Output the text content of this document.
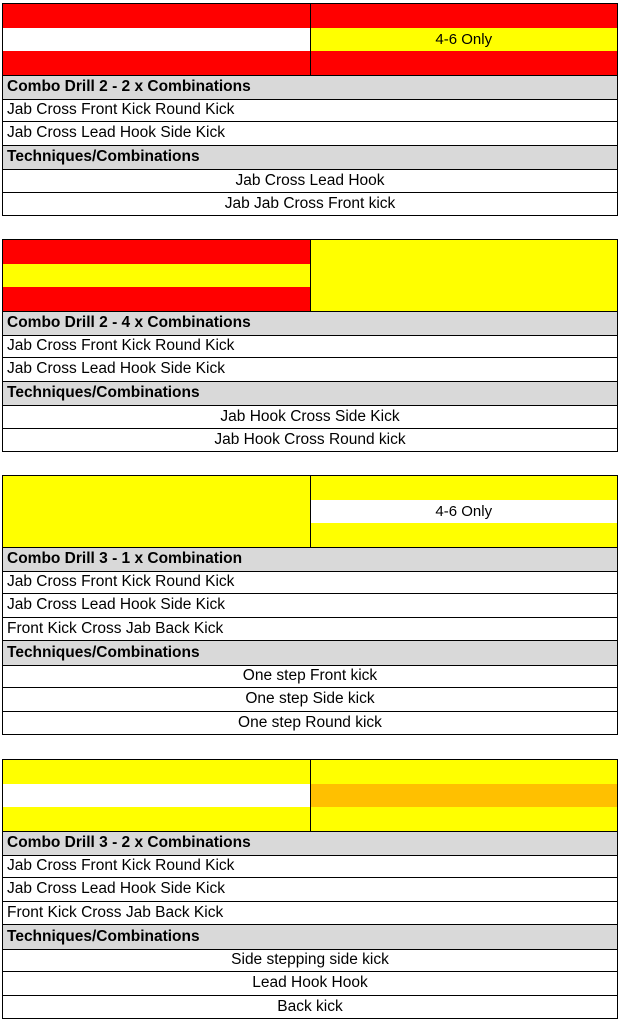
4-6 Only
Combo Drill 2 - 2 x Combinations
Jab Cross Front Kick Round Kick
Jab Cross Lead Hook Side Kick
Techniques/Combinations
Jab Cross Lead Hook
Jab Jab Cross Front kick
Combo Drill 2 - 4 x Combinations
Jab Cross Front Kick Round Kick
Jab Cross Lead Hook Side Kick
Techniques/Combinations
Jab Hook Cross Side Kick
Jab Hook Cross Round kick
4-6 Only
Combo Drill 3 - 1 x Combination
Jab Cross Front Kick Round Kick
Jab Cross Lead Hook Side Kick
Front Kick Cross Jab Back Kick
Techniques/Combinations
One step Front kick
One step Side kick
One step Round kick
Combo Drill 3 - 2 x Combinations
Jab Cross Front Kick Round Kick
Jab Cross Lead Hook Side Kick
Front Kick Cross Jab Back Kick
Techniques/Combinations
Side stepping side kick
Lead Hook Hook
Back kick
